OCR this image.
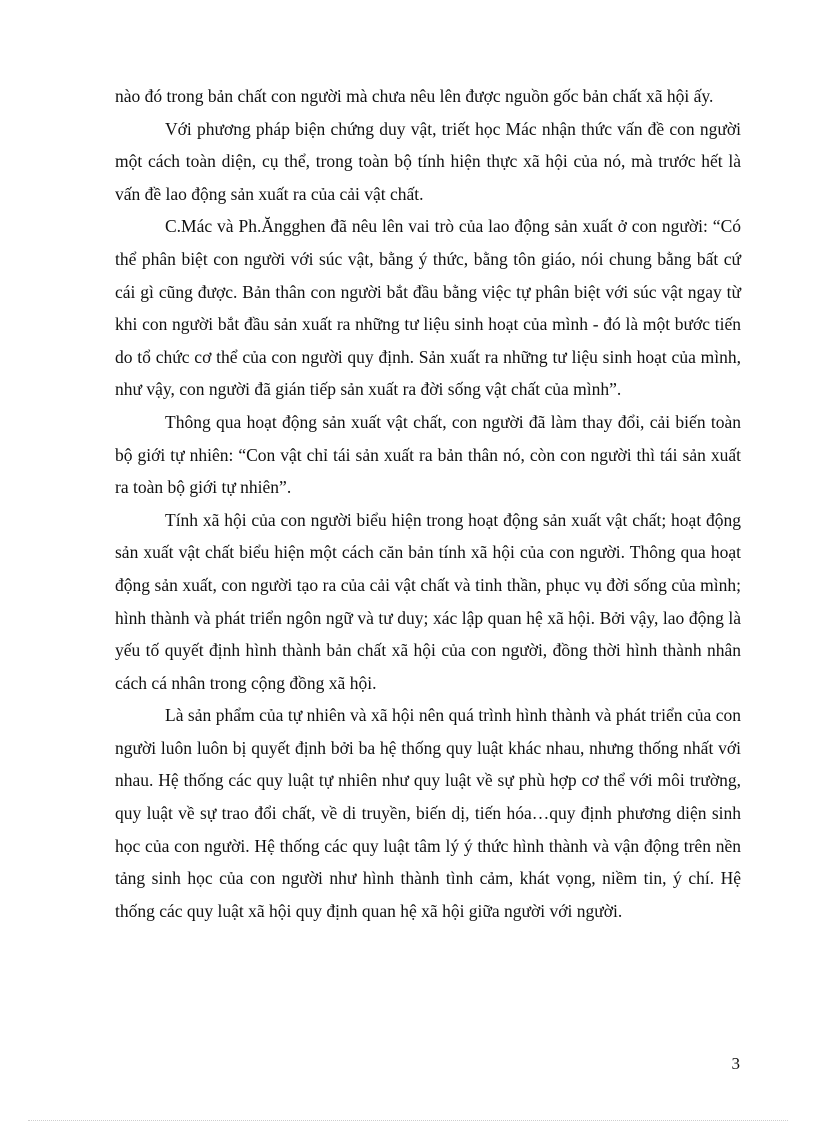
nào đó trong bản chất con người mà chưa nêu lên được nguồn gốc bản chất xã hội ấy.

Với phương pháp biện chứng duy vật, triết học Mác nhận thức vấn đề con người một cách toàn diện, cụ thể, trong toàn bộ tính hiện thực xã hội của nó, mà trước hết là vấn đề lao động sản xuất ra của cải vật chất.

C.Mác và Ph.Ăngghen đã nêu lên vai trò của lao động sản xuất ở con người: “Có thể phân biệt con người với súc vật, bằng ý thức, bằng tôn giáo, nói chung bằng bất cứ cái gì cũng được. Bản thân con người bắt đầu bằng việc tự phân biệt với súc vật ngay từ khi con người bắt đầu sản xuất ra những tư liệu sinh hoạt của mình - đó là một bước tiến do tổ chức cơ thể của con người quy định. Sản xuất ra những tư liệu sinh hoạt của mình, như vậy, con người đã gián tiếp sản xuất ra đời sống vật chất của mình”.

Thông qua hoạt động sản xuất vật chất, con người đã làm thay đổi, cải biến toàn bộ giới tự nhiên: “Con vật chỉ tái sản xuất ra bản thân nó, còn con người thì tái sản xuất ra toàn bộ giới tự nhiên”.

Tính xã hội của con người biểu hiện trong hoạt động sản xuất vật chất; hoạt động sản xuất vật chất biểu hiện một cách căn bản tính xã hội của con người. Thông qua hoạt động sản xuất, con người tạo ra của cải vật chất và tinh thần, phục vụ đời sống của mình; hình thành và phát triển ngôn ngữ và tư duy; xác lập quan hệ xã hội. Bởi vậy, lao động là yếu tố quyết định hình thành bản chất xã hội của con người, đồng thời hình thành nhân cách cá nhân trong cộng đồng xã hội.

Là sản phẩm của tự nhiên và xã hội nên quá trình hình thành và phát triển của con người luôn luôn bị quyết định bởi ba hệ thống quy luật khác nhau, nhưng thống nhất với nhau. Hệ thống các quy luật tự nhiên như quy luật về sự phù hợp cơ thể với môi trường, quy luật về sự trao đổi chất, về di truyền, biến dị, tiến hóa…quy định phương diện sinh học của con người. Hệ thống các quy luật tâm lý ý thức hình thành và vận động trên nền tảng sinh học của con người như hình thành tình cảm, khát vọng, niềm tin, ý chí. Hệ thống các quy luật xã hội quy định quan hệ xã hội giữa người với người.

3
